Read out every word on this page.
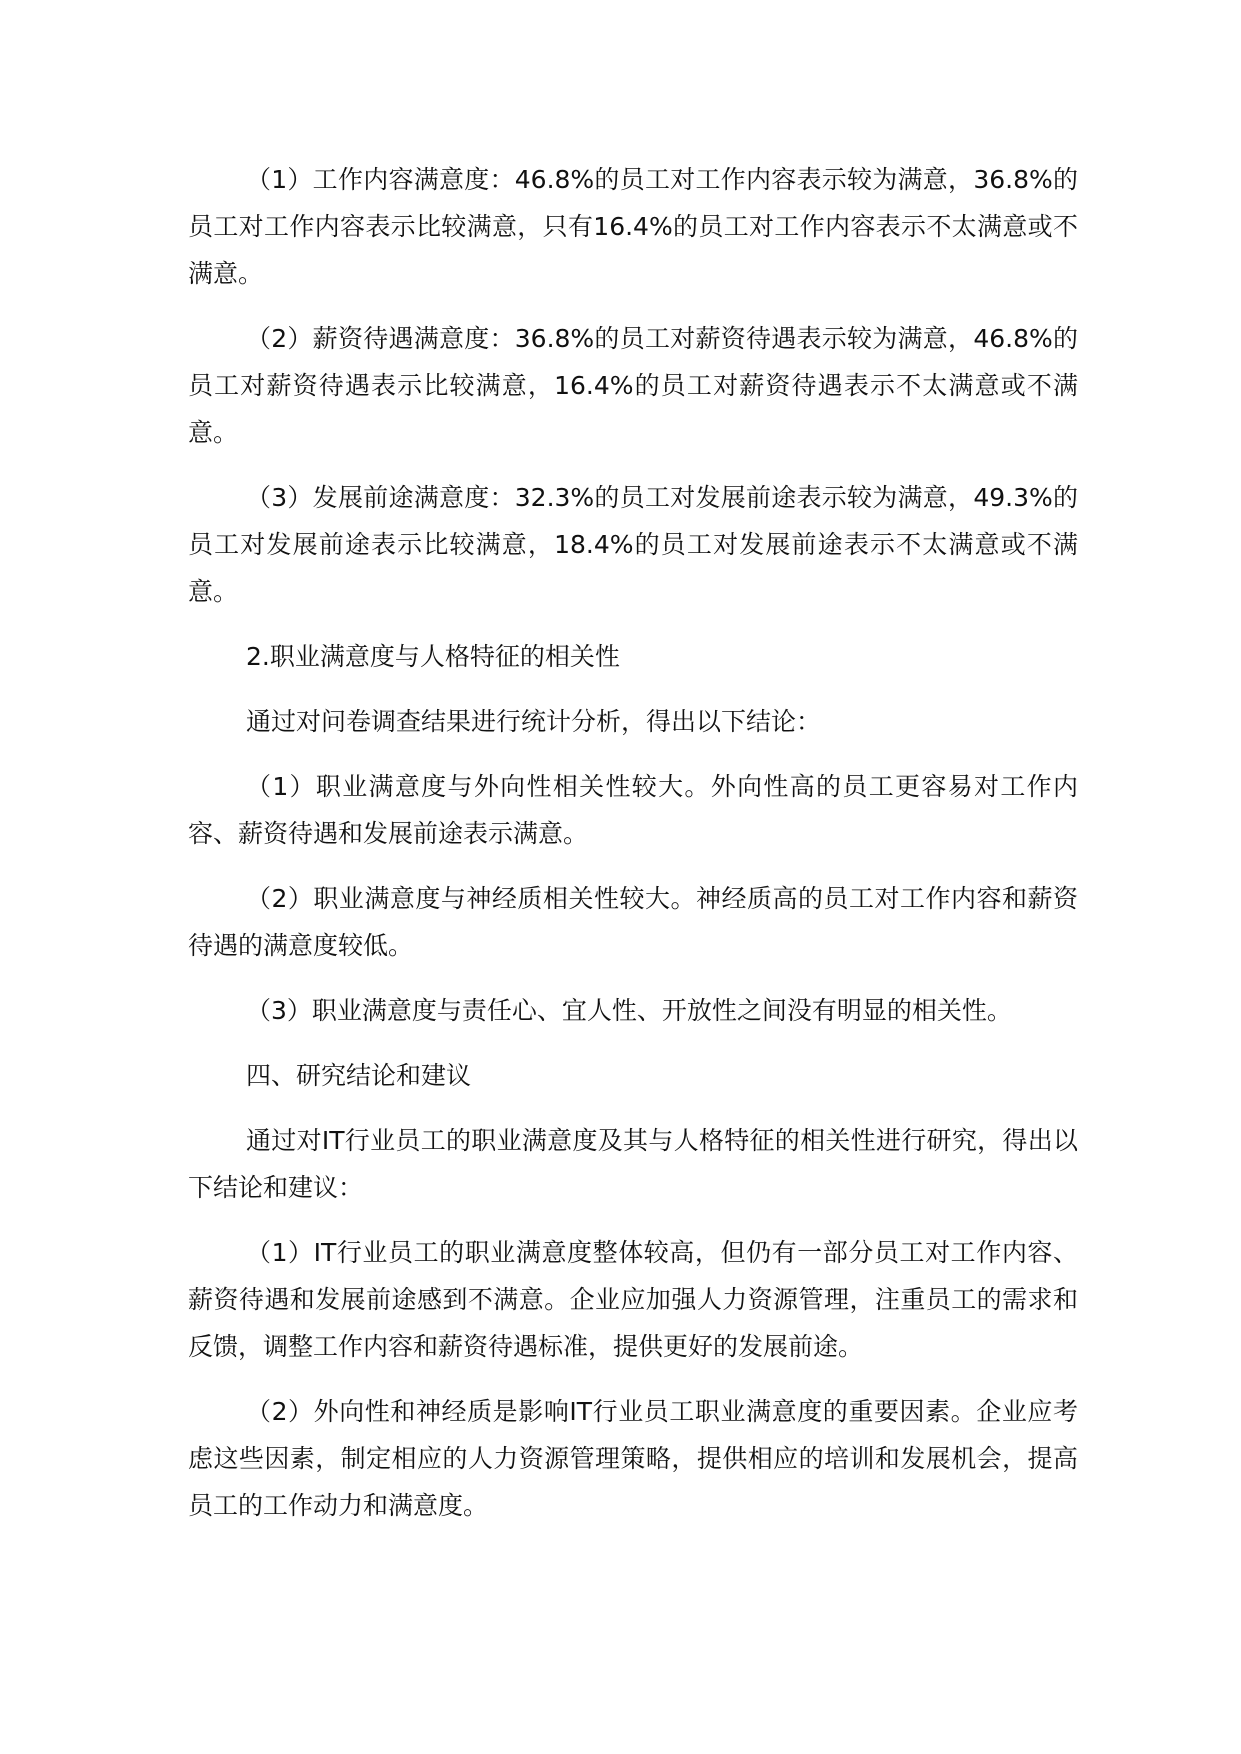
（1）工作内容满意度：46.8%的员工对工作内容表示较为满意，36.8%的员工对工作内容表示比较满意，只有16.4%的员工对工作内容表示不太满意或不满意。

（2）薪资待遇满意度：36.8%的员工对薪资待遇表示较为满意，46.8%的员工对薪资待遇表示比较满意，16.4%的员工对薪资待遇表示不太满意或不满意。

（3）发展前途满意度：32.3%的员工对发展前途表示较为满意，49.3%的员工对发展前途表示比较满意，18.4%的员工对发展前途表示不太满意或不满意。

2.职业满意度与人格特征的相关性

通过对问卷调查结果进行统计分析，得出以下结论：

（1）职业满意度与外向性相关性较大。外向性高的员工更容易对工作内容、薪资待遇和发展前途表示满意。

（2）职业满意度与神经质相关性较大。神经质高的员工对工作内容和薪资待遇的满意度较低。

（3）职业满意度与责任心、宜人性、开放性之间没有明显的相关性。

四、研究结论和建议

通过对IT行业员工的职业满意度及其与人格特征的相关性进行研究，得出以下结论和建议：

（1）IT行业员工的职业满意度整体较高，但仍有一部分员工对工作内容、薪资待遇和发展前途感到不满意。企业应加强人力资源管理，注重员工的需求和反馈，调整工作内容和薪资待遇标准，提供更好的发展前途。

（2）外向性和神经质是影响IT行业员工职业满意度的重要因素。企业应考虑这些因素，制定相应的人力资源管理策略，提供相应的培训和发展机会，提高员工的工作动力和满意度。
